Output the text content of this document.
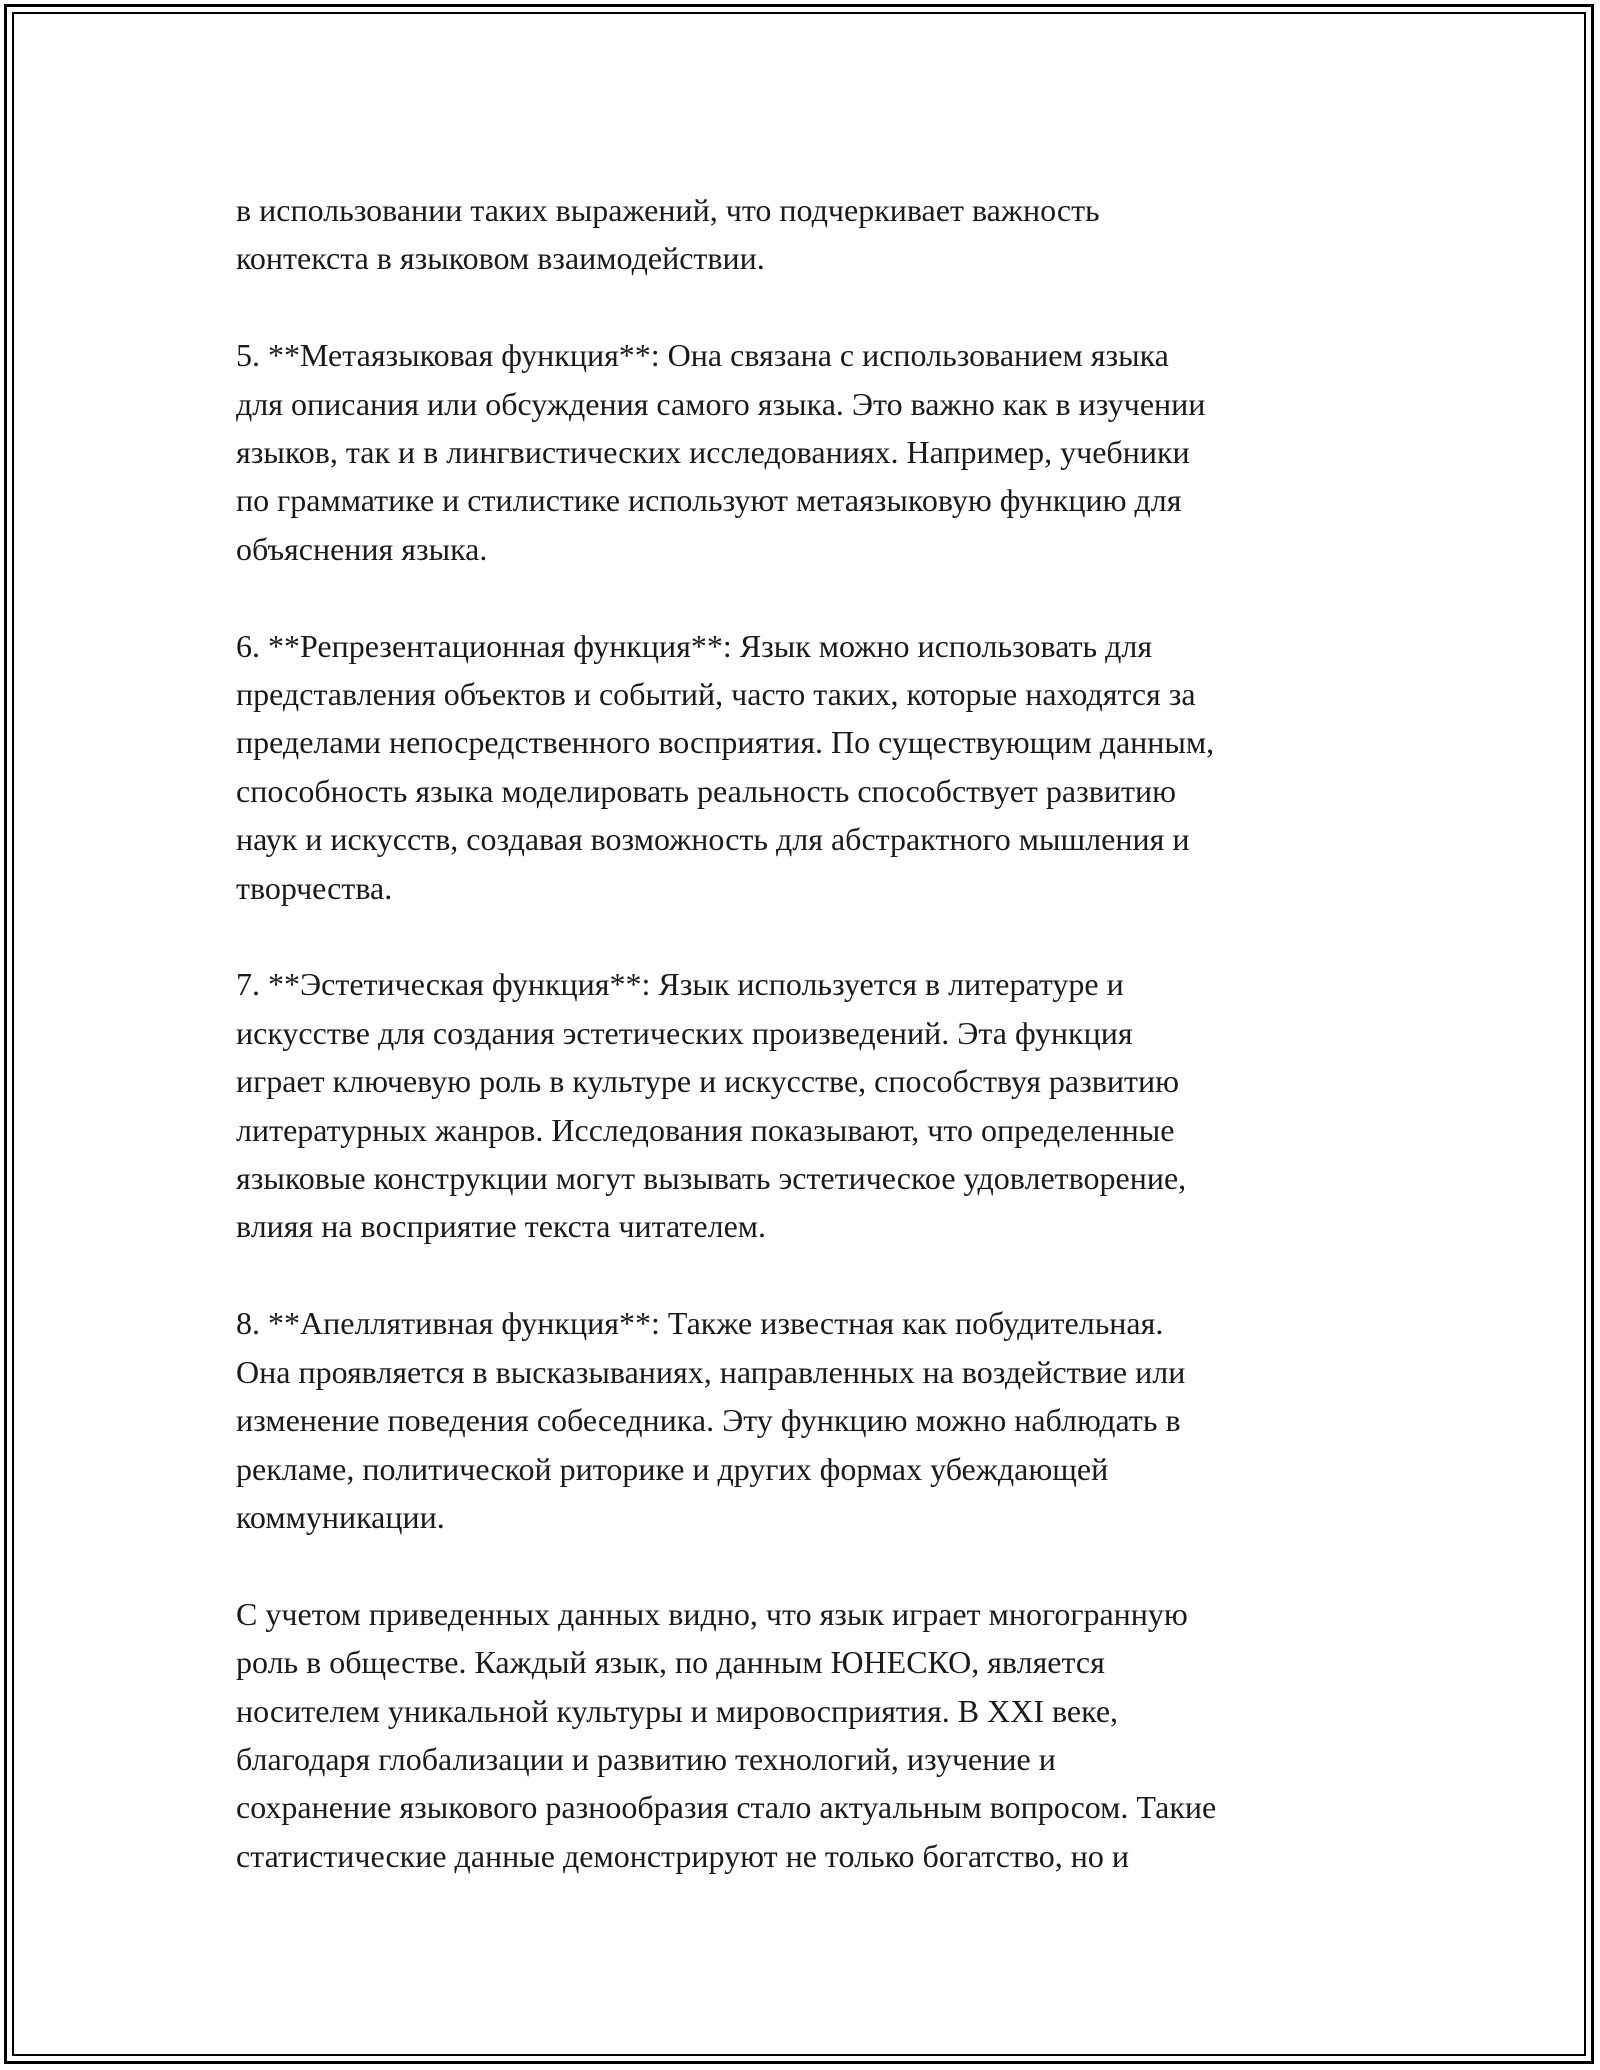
в использовании таких выражений, что подчеркивает важность
контекста в языковом взаимодействии.

5. **Метаязыковая функция**: Она связана с использованием языка
для описания или обсуждения самого языка. Это важно как в изучении
языков, так и в лингвистических исследованиях. Например, учебники
по грамматике и стилистике используют метаязыковую функцию для
объяснения языка.

6. **Репрезентационная функция**: Язык можно использовать для
представления объектов и событий, часто таких, которые находятся за
пределами непосредственного восприятия. По существующим данным,
способность языка моделировать реальность способствует развитию
наук и искусств, создавая возможность для абстрактного мышления и
творчества.

7. **Эстетическая функция**: Язык используется в литературе и
искусстве для создания эстетических произведений. Эта функция
играет ключевую роль в культуре и искусстве, способствуя развитию
литературных жанров. Исследования показывают, что определенные
языковые конструкции могут вызывать эстетическое удовлетворение,
влияя на восприятие текста читателем.

8. **Апеллятивная функция**: Также известная как побудительная.
Она проявляется в высказываниях, направленных на воздействие или
изменение поведения собеседника. Эту функцию можно наблюдать в
рекламе, политической риторике и других формах убеждающей
коммуникации.

С учетом приведенных данных видно, что язык играет многогранную
роль в обществе. Каждый язык, по данным ЮНЕСКО, является
носителем уникальной культуры и мировосприятия. В XXI веке,
благодаря глобализации и развитию технологий, изучение и
сохранение языкового разнообразия стало актуальным вопросом. Такие
статистические данные демонстрируют не только богатство, но и
